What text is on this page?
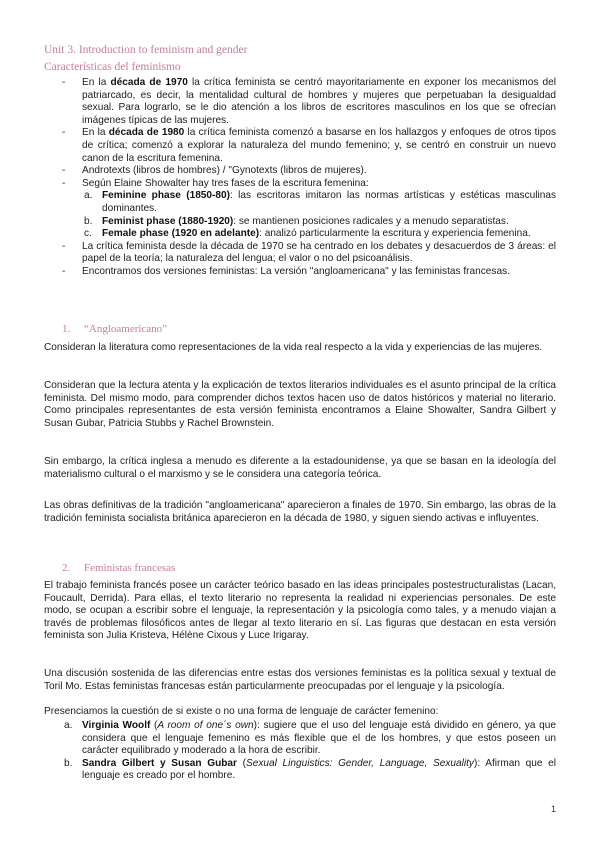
Unit 3. Introduction to feminism and gender
Características del feminismo
- En la década de 1970 la crítica feminista se centró mayoritariamente en exponer los mecanismos del patriarcado, es decir, la mentalidad cultural de hombres y mujeres que perpetuaban la desigualdad sexual. Para lograrlo, se le dio atención a los libros de escritores masculinos en los que se ofrecían imágenes típicas de las mujeres.
- En la década de 1980 la crítica feminista comenzó a basarse en los hallazgos y enfoques de otros tipos de crítica; comenzó a explorar la naturaleza del mundo femenino; y, se centró en construir un nuevo canon de la escritura femenina.
- Androtexts (libros de hombres) / "Gynotexts (libros de mujeres).
- Según Elaine Showalter hay tres fases de la escritura femenina:
a. Feminine phase (1850-80): las escritoras imitaron las normas artísticas y estéticas masculinas dominantes.
b. Feminist phase (1880-1920): se mantienen posiciones radicales y a menudo separatistas.
c. Female phase (1920 en adelante): analizó particularmente la escritura y experiencia femenina.
- La crítica feminista desde la década de 1970 se ha centrado en los debates y desacuerdos de 3 áreas: el papel de la teoría; la naturaleza del lengua; el valor o no del psicoanálisis.
- Encontramos dos versiones feministas: La versión "angloamericana" y las feministas francesas.
1. “Angloamericano”

Consideran la literatura como representaciones de la vida real respecto a la vida y experiencias de las mujeres.

Consideran que la lectura atenta y la explicación de textos literarios individuales es el asunto principal de la crítica feminista. Del mismo modo, para comprender dichos textos hacen uso de datos históricos y material no literario. Como principales representantes de esta versión feminista encontramos a Elaine Showalter, Sandra Gilbert y Susan Gubar, Patricia Stubbs y Rachel Brownstein.

Sin embargo, la crítica inglesa a menudo es diferente a la estadounidense, ya que se basan en la ideología del materialismo cultural o el marxismo y se le considera una categoría teórica.

Las obras definitivas de la tradición "angloamericana" aparecieron a finales de 1970. Sin embargo, las obras de la tradición feminista socialista británica aparecieron en la década de 1980, y siguen siendo activas e influyentes.

2. Feministas francesas

El trabajo feminista francés posee un carácter teórico basado en las ideas principales postestructuralistas (Lacan, Foucault, Derrida). Para ellas, el texto literario no representa la realidad ni experiencias personales. De este modo, se ocupan a escribir sobre el lenguaje, la representación y la psicología como tales, y a menudo viajan a través de problemas filosóficos antes de llegar al texto literario en sí. Las figuras que destacan en esta versión feminista son Julia Kristeva, Hélène Cixous y Luce Irigaray.

Una discusión sostenida de las diferencias entre estas dos versiones feministas es la política sexual y textual de Toril Mo. Estas feministas francesas están particularmente preocupadas por el lenguaje y la psicología.

Presenciamos la cuestión de si existe o no una forma de lenguaje de carácter femenino:

a. Virginia Woolf (A room of one´s own): sugiere que el uso del lenguaje está dividido en género, ya que considera que el lenguaje femenino es más flexible que el de los hombres, y que estos poseen un carácter equilibrado y moderado a la hora de escribir.
b. Sandra Gilbert y Susan Gubar (Sexual Linguistics: Gender, Language, Sexuality): Afirman que el lenguaje es creado por el hombre.
1
